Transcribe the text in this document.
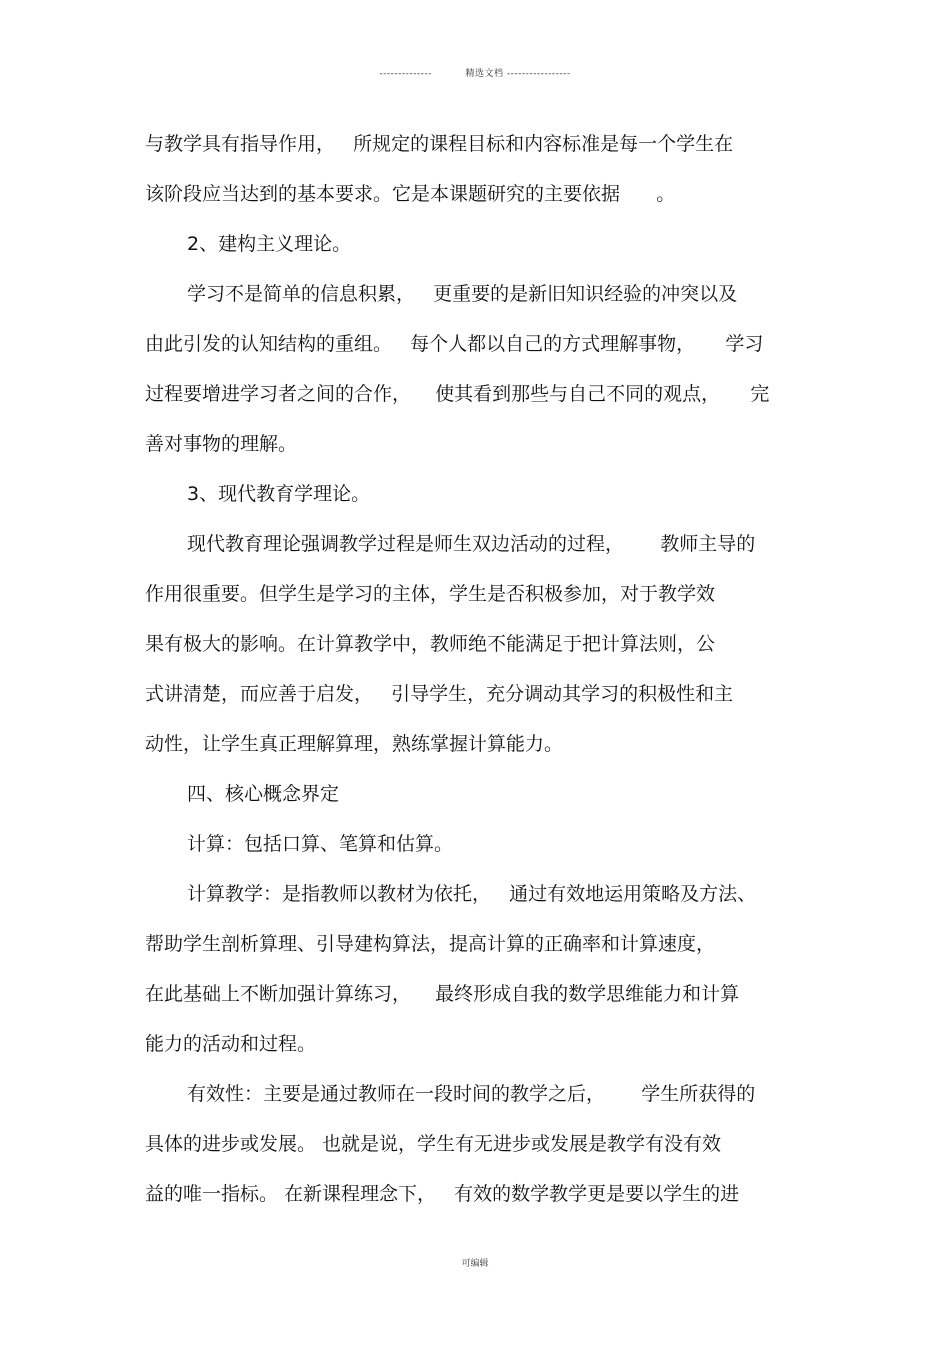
--------------          精选文档 -----------------
与教学具有指导作用，   所规定的课程目标和内容标准是每一个学生在
该阶段应当达到的基本要求。它是本课题研究的主要依据      。
2、建构主义理论。
学习不是简单的信息积累，   更重要的是新旧知识经验的冲突以及
由此引发的认知结构的重组。   每个人都以自己的方式理解事物，     学习
过程要增进学习者之间的合作，    使其看到那些与自己不同的观点，     完
善对事物的理解。
3、现代教育学理论。
现代教育理论强调教学过程是师生双边活动的过程，      教师主导的
作用很重要。但学生是学习的主体，学生是否积极参加，对于教学效
果有极大的影响。在计算教学中，教师绝不能满足于把计算法则，公
式讲清楚，而应善于启发，   引导学生，充分调动其学习的积极性和主
动性，让学生真正理解算理，熟练掌握计算能力。
四、核心概念界定
计算：包括口算、笔算和估算。
计算教学：是指教师以教材为依托，   通过有效地运用策略及方法、
帮助学生剖析算理、引导建构算法，提高计算的正确率和计算速度，
在此基础上不断加强计算练习，    最终形成自我的数学思维能力和计算
能力的活动和过程。
有效性：主要是通过教师在一段时间的教学之后，      学生所获得的
具体的进步或发展。 也就是说，学生有无进步或发展是教学有没有效
益的唯一指标。 在新课程理念下，   有效的数学教学更是要以学生的进
可编辑
